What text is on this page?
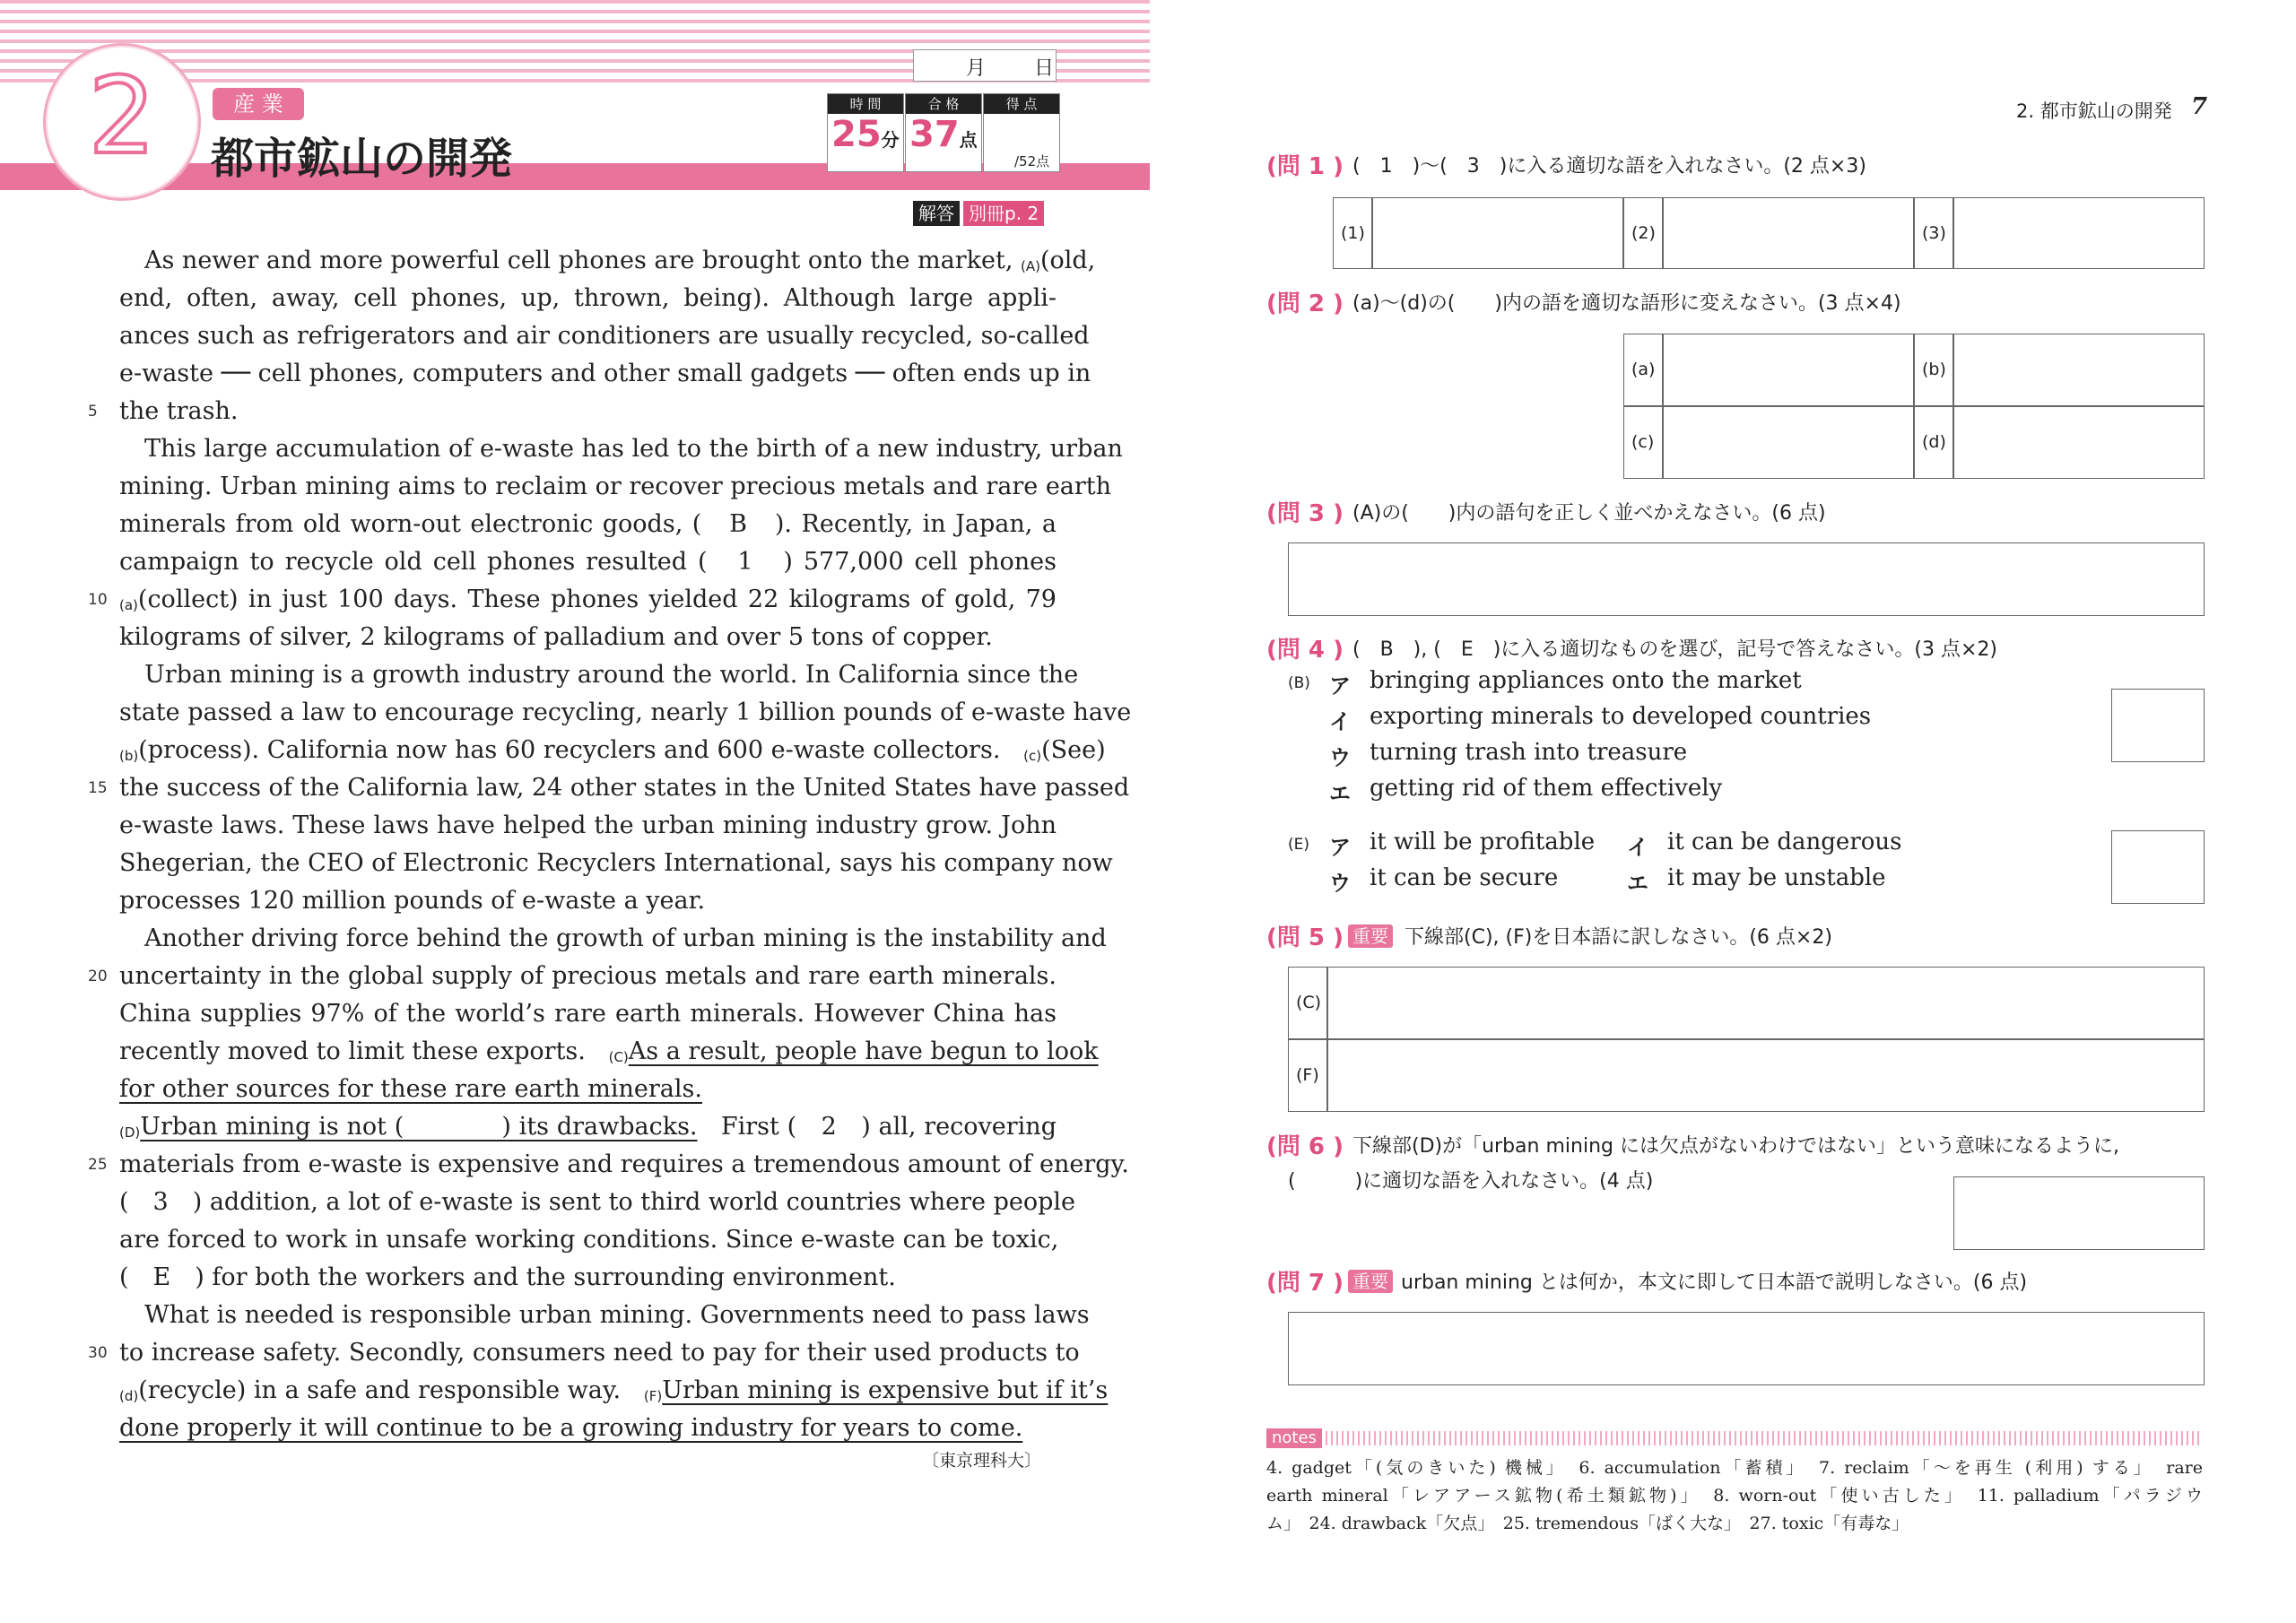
2	産 業
都市鉱山の開発
月 日
時 間
25分
合 格
37点
得 点
/52点
解答 別冊p. 2
As newer and more powerful cell phones are brought onto the market, $_{(A)}$(old,
end, often, away, cell phones, up, thrown, being). Although large appli-
ances such as refrigerators and air conditioners are usually recycled, so-called
e-waste ── cell phones, computers and other small gadgets ── often ends up in
the trash.
This large accumulation of e-waste has led to the birth of a new industry, urban
mining. Urban mining aims to reclaim or recover precious metals and rare earth
minerals from old worn-out electronic goods, (　B　). Recently, in Japan, a
campaign to recycle old cell phones resulted (　1　) 577,000 cell phones
$_{(a)}$(collect) in just 100 days. These phones yielded 22 kilograms of gold, 79
kilograms of silver, 2 kilograms of palladium and over 5 tons of copper.
Urban mining is a growth industry around the world. In California since the
state passed a law to encourage recycling, nearly 1 billion pounds of e-waste have
$_{(b)}$(process). California now has 60 recyclers and 600 e-waste collectors. $_{(c)}$(See)
the success of the California law, 24 other states in the United States have passed
e-waste laws. These laws have helped the urban mining industry grow. John
Shegerian, the CEO of Electronic Recyclers International, says his company now
processes 120 million pounds of e-waste a year.
Another driving force behind the growth of urban mining is the instability and
uncertainty in the global supply of precious metals and rare earth minerals.
China supplies 97% of the world’s rare earth minerals. However China has
recently moved to limit these exports. $_{(C)}$As a result, people have begun to look
for other sources for these rare earth minerals.
$_{(D)}$Urban mining is not (　　　　) its drawbacks. First (　2　) all, recovering
materials from e-waste is expensive and requires a tremendous amount of energy.
(　3　) addition, a lot of e-waste is sent to third world countries where people
are forced to work in unsafe working conditions. Since e-waste can be toxic,
(　E　) for both the workers and the surrounding environment.
What is needed is responsible urban mining. Governments need to pass laws
to increase safety. Secondly, consumers need to pay for their used products to
$_{(d)}$(recycle) in a safe and responsible way. $_{(F)}$Urban mining is expensive but if it’s
done properly it will continue to be a growing industry for years to come.
5
10
15
20
25
30
〔東京理科大〕
2. 都市鉱山の開発 7
(問 1 ) (　1　)〜(　3　)に入る適切な語を入れなさい。(2 点×3)
(1)	(2)	(3)
(問 2 ) (a)〜(d)の(　　)内の語を適切な語形に変えなさい。(3 点×4)
(a)	(b)
(c)	(d)
(問 3 ) (A)の(　　)内の語句を正しく並べかえなさい。(6 点)
(問 4 ) (　B　), (　E　)に入る適切なものを選び，記号で答えなさい。(3 点×2)
(B) ア bringing appliances onto the market
イ exporting minerals to developed countries
ウ turning trash into treasure
エ getting rid of them effectively
(E) ア it will be profitable イ it can be dangerous
ウ it can be secure	エ it may be unstable
(問 5 ) 重要 下線部(C), (F)を日本語に訳しなさい。(6 点×2)
(C)
(F)
(問 6 ) 下線部(D)が「urban mining には欠点がないわけではない」という意味になるように,
(　　　)に適切な語を入れなさい。(4 点)
(問 7 ) 重要 urban mining とは何か，本文に即して日本語で説明しなさい。(6 点)
notes
4. gadget「(気のきいた) 機械」　6. accumulation「蓄積」　7. reclaim「〜を再生 (利用) する」　rare
earth mineral「レアアース鉱物(希土類鉱物)」　8. worn-out「使い古した」　11. palladium「パラジウ
ム」　24. drawback「欠点」　25. tremendous「ばく大な」　27. toxic「有毒な」
